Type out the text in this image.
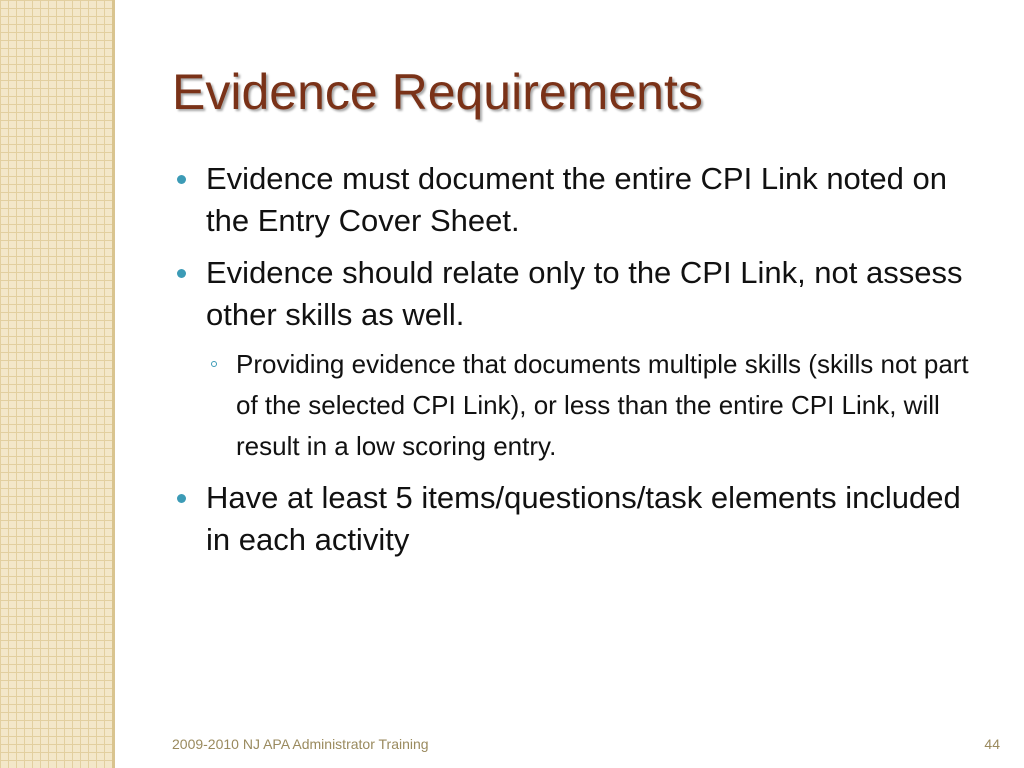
Evidence Requirements
Evidence must document the entire CPI Link noted on the Entry Cover Sheet.
Evidence should relate only to the CPI Link, not assess other skills as well.
Providing evidence that documents multiple skills (skills not part of the selected CPI Link), or less than the entire CPI Link, will result in a low scoring entry.
Have at least 5 items/questions/task elements included in each activity
2009-2010 NJ APA Administrator Training	44
